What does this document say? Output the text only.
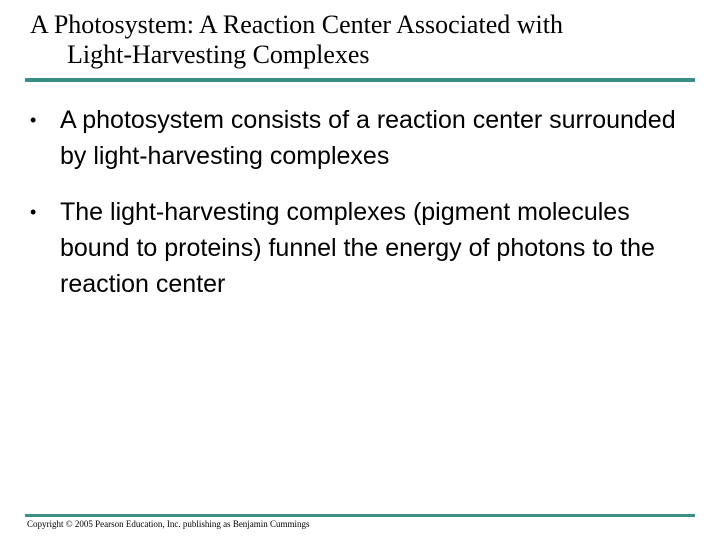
A Photosystem: A Reaction Center Associated with
Light-Harvesting Complexes
• A photosystem consists of a reaction center surrounded by light-harvesting complexes
• The light-harvesting complexes (pigment molecules bound to proteins) funnel the energy of photons to the reaction center
Copyright © 2005 Pearson Education, Inc. publishing as Benjamin Cummings
